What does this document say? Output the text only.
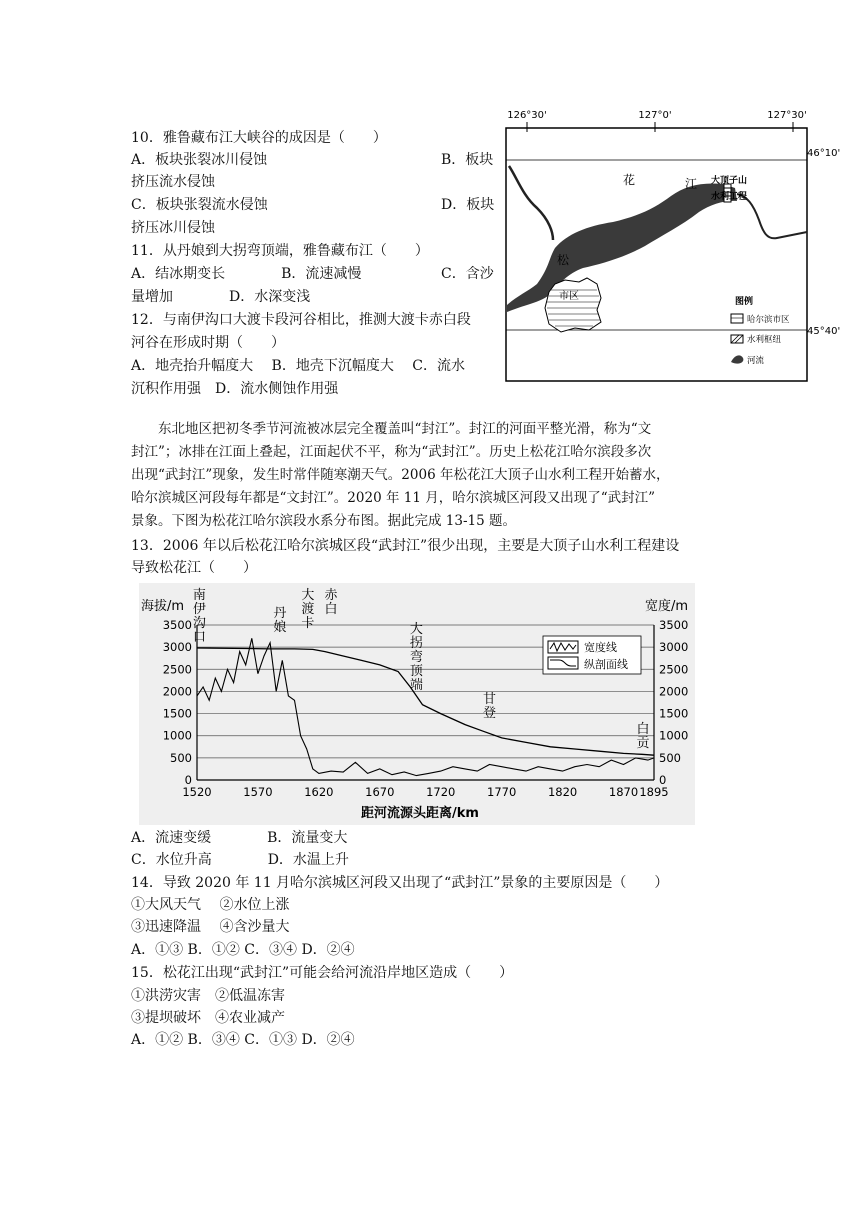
10．雅鲁藏布江大峡谷的成因是（　　）
A．板块张裂冰川侵蚀	B．板块
挤压流水侵蚀
C．板块张裂流水侵蚀	D．板块
挤压冰川侵蚀
11．从丹娘到大拐弯顶端，雅鲁藏布江（　　）
A．结冰期变长　　　　B．流速减慢	C．含沙
量增加　　　　D．水深变浅
12．与南伊沟口大渡卡段河谷相比，推测大渡卡赤白段
河谷在形成时期（　　）
A．地壳抬升幅度大　 B．地壳下沉幅度大　 C．流水
沉积作用强　D．流水侧蚀作用强
126°30'	127°0'	127°30'
46°10'
45°40'
市区
花	江
松
大顶子山
水利工程
图例
哈尔滨市区
水利枢纽
河流
　　东北地区把初冬季节河流被冰层完全覆盖叫“封江”。封江的河面平整光滑，称为“文
封江”；冰排在江面上叠起，江面起伏不平，称为“武封江”。历史上松花江哈尔滨段多次
出现“武封江”现象，发生时常伴随寒潮天气。2006 年松花江大顶子山水利工程开始蓄水，
哈尔滨城区河段每年都是“文封江”。2020 年 11 月，哈尔滨城区河段又出现了“武封江”
景象。下图为松花江哈尔滨段水系分布图。据此完成 13-15 题。
13．2006 年以后松花江哈尔滨城区段“武封江”很少出现，主要是大顶子山水利工程建设
导致松花江（　　）
0
500
1000
1500
2000
2500
3000
3500
0
500
1000
1500
2000
2500
3000
3500
1520	1570	1620	1670	1720	1770	1820	1870 1895
海拔/m	宽度/m
距河流源头距离/km
南伊沟口
丹娘
大渡卡
赤白
大拐弯顶端
甘登
白贡
宽度线
纵剖面线
A．流速变缓　　　　B．流量变大
C．水位升高　　　　D．水温上升
14．导致 2020 年 11 月哈尔滨城区河段又出现了“武封江”景象的主要原因是（　　）
①大风天气　 ②水位上涨
③迅速降温　 ④含沙量大
A．①③ B．①② C．③④ D．②④
15．松花江出现“武封江”可能会给河流沿岸地区造成（　　）
①洪涝灾害　②低温冻害
③提坝破坏　④农业减产
A．①② B．③④ C．①③ D．②④
